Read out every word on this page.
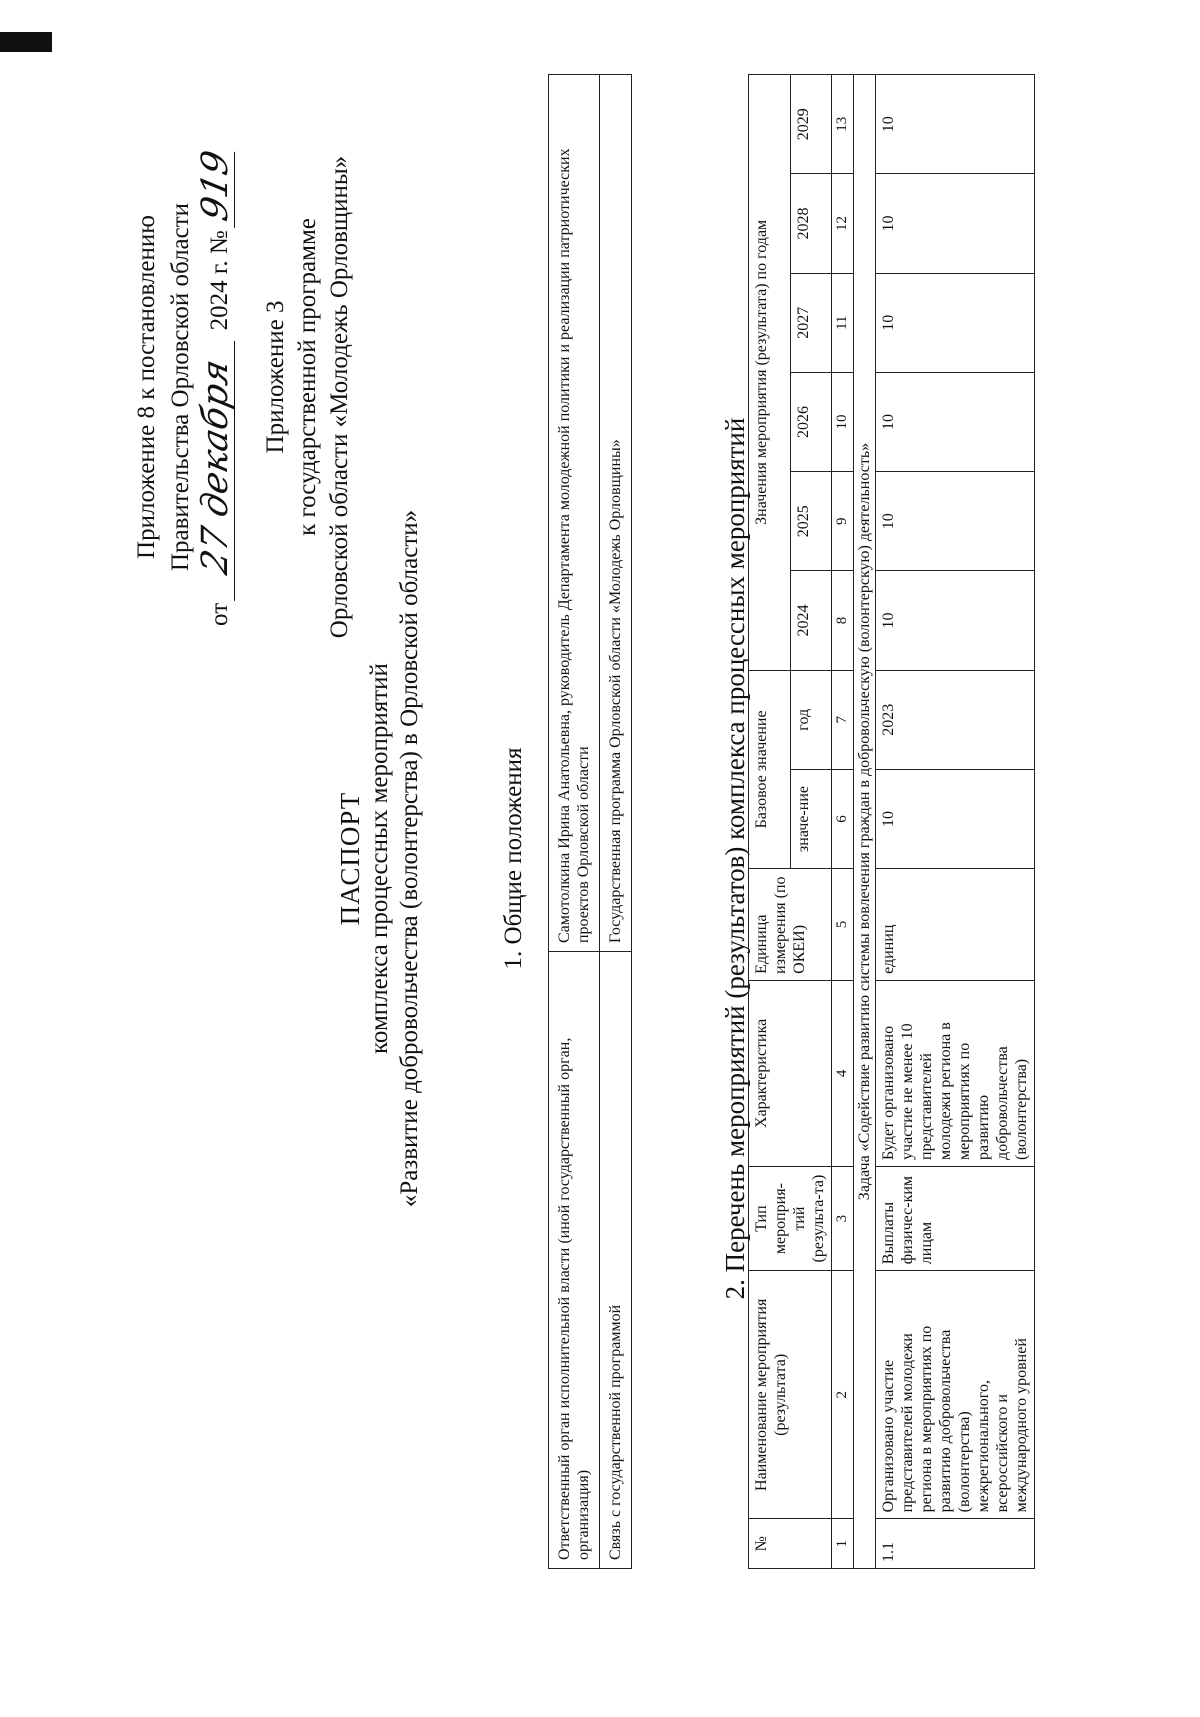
Приложение 8 к постановлению Правительства Орловской области
от 27 декабря 2024 г. № 919
Приложение 3 к государственной программе Орловской области «Молодежь Орловщины»
ПАСПОРТ комплекса процессных мероприятий «Развитие добровольчества (волонтерства) в Орловской области»	1. Общие положения
Ответственный орган исполнительной власти (иной государственный орган, организация)	Самотолкина Ирина Анатольевна, руководитель Департамента молодежной политики и реализации патриотических проектов Орловской области
Связь с государственной программой	Государственная программа Орловской области «Молодежь Орловщины»	2. Перечень мероприятий (результатов) комплекса процессных мероприятий
№	Наименование мероприятия (результата)	Тип мероприя-тий (результа-та)	Характеристика	Единица измерения (по ОКЕИ)	Базовое значение		Значения мероприятия (результата) по годам					
					значе-ние	год	2024	2025	2026	2027	2028	2029
1	2	3	4	5	6	7	8	9	10	11	12	13
Задача «Содействие развитию системы вовлечения граждан в добровольческую (волонтерскую) деятельность»												
1.1	Организовано участие представителей молодежи региона в мероприятиях по развитию добровольчества (волонтерства) межрегионального, всероссийского и международного уровней	Выплаты физичес-ким лицам	Будет организовано участие не менее 10 представителей молодежи региона в мероприятиях по развитию добровольчества (волонтерства)	единиц	10	2023	10	10	10	10	10	10
